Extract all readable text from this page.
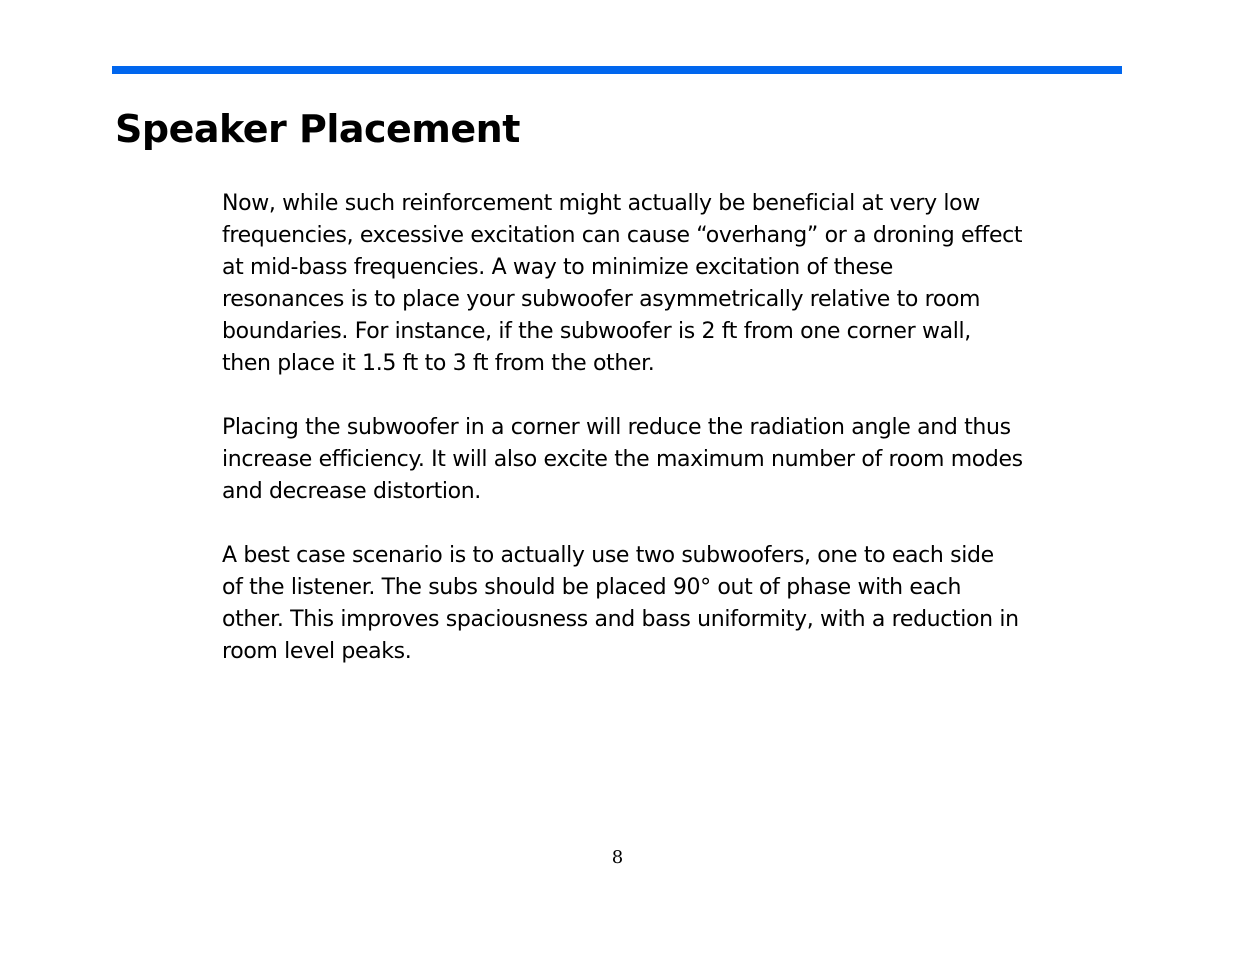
Speaker Placement

Now, while such reinforcement might actually be beneficial at very low
frequencies, excessive excitation can cause “overhang” or a droning effect
at mid-bass frequencies. A way to minimize excitation of these
resonances is to place your subwoofer asymmetrically relative to room
boundaries. For instance, if the subwoofer is 2 ft from one corner wall,
then place it 1.5 ft to 3 ft from the other.

Placing the subwoofer in a corner will reduce the radiation angle and thus
increase efficiency. It will also excite the maximum number of room modes
and decrease distortion.

A best case scenario is to actually use two subwoofers, one to each side
of the listener. The subs should be placed 90° out of phase with each
other. This improves spaciousness and bass uniformity, with a reduction in
room level peaks.

8
